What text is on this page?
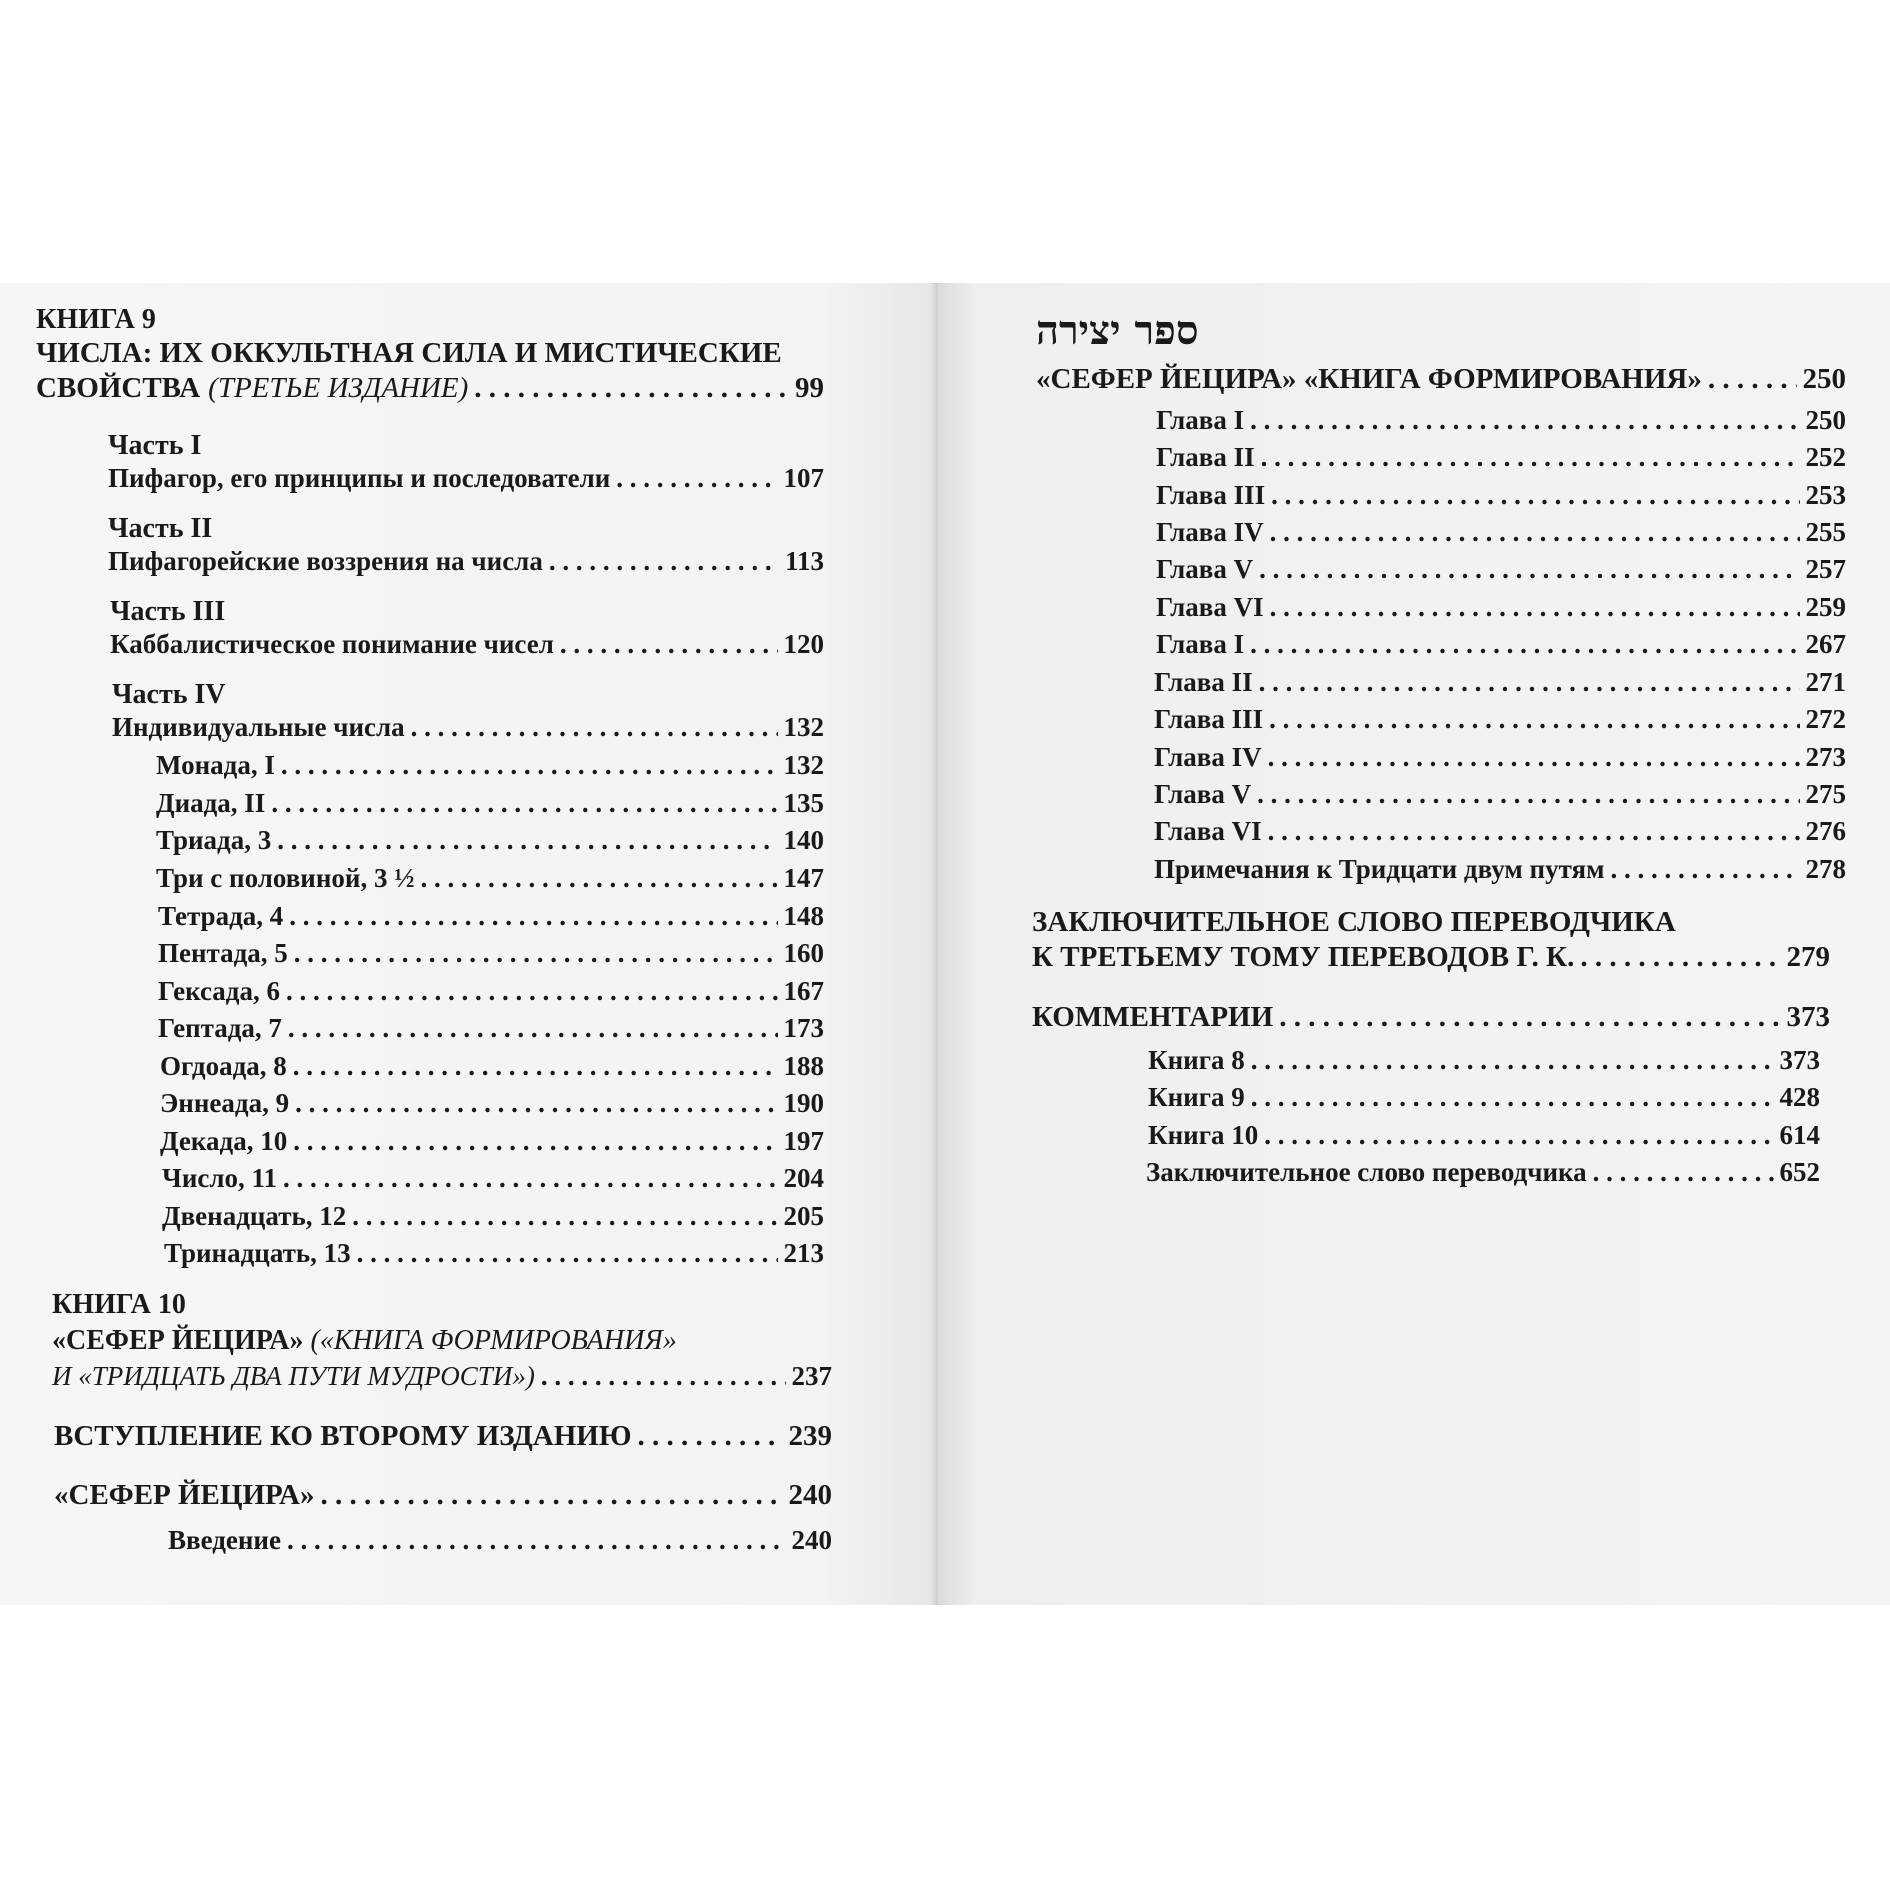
КНИГА 9
ЧИСЛА: ИХ ОККУЛЬТНАЯ СИЛА И МИСТИЧЕСКИЕ
СВОЙСТВА (ТРЕТЬЕ ИЗДАНИЕ) . . .	99
Часть I
Пифагор, его принципы и последователи . . .	107
Часть II
Пифагорейские воззрения на числа . . .	113
Часть III
Каббалистическое понимание чисел . . .	120
Часть IV
Индивидуальные числа . . .	132
Монада, I . . .	132
Диада, II . . .	135
Триада, 3 . . .	140
Три с половиной, 3 ½ . . .	147
Тетрада, 4 . . .	148
Пентада, 5 . . .	160
Гексада, 6 . . .	167
Гептада, 7 . . .	173
Огдоада, 8 . . .	188
Эннеада, 9 . . .	190
Декада, 10 . . .	197
Число, 11 . . .	204
Двенадцать, 12 . . .	205
Тринадцать, 13 . . .	213
КНИГА 10
«СЕФЕР ЙЕЦИРА» («КНИГА ФОРМИРОВАНИЯ»
И «ТРИДЦАТЬ ДВА ПУТИ МУДРОСТИ») . . .	237
ВСТУПЛЕНИЕ КО ВТОРОМУ ИЗДАНИЮ . . .	239
«СЕФЕР ЙЕЦИРА» . . .	240
Введение . . .	240
ספר יצירה
«СЕФЕР ЙЕЦИРА» «КНИГА ФОРМИРОВАНИЯ» . . .	250
Глава I . . .	250
Глава II . . .	252
Глава III . . .	253
Глава IV . . .	255
Глава V . . .	257
Глава VI . . .	259
Глава I . . .	267
Глава II . . .	271
Глава III . . .	272
Глава IV . . .	273
Глава V . . .	275
Глава VI . . .	276
Примечания к Тридцати двум путям . . .	278
ЗАКЛЮЧИТЕЛЬНОЕ СЛОВО ПЕРЕВОДЧИКА
К ТРЕТЬЕМУ ТОМУ ПЕРЕВОДОВ Г. К. . . .	279
КОММЕНТАРИИ . . .	373
Книга 8 . . .	373
Книга 9 . . .	428
Книга 10 . . .	614
Заключительное слово переводчика . . .	652
